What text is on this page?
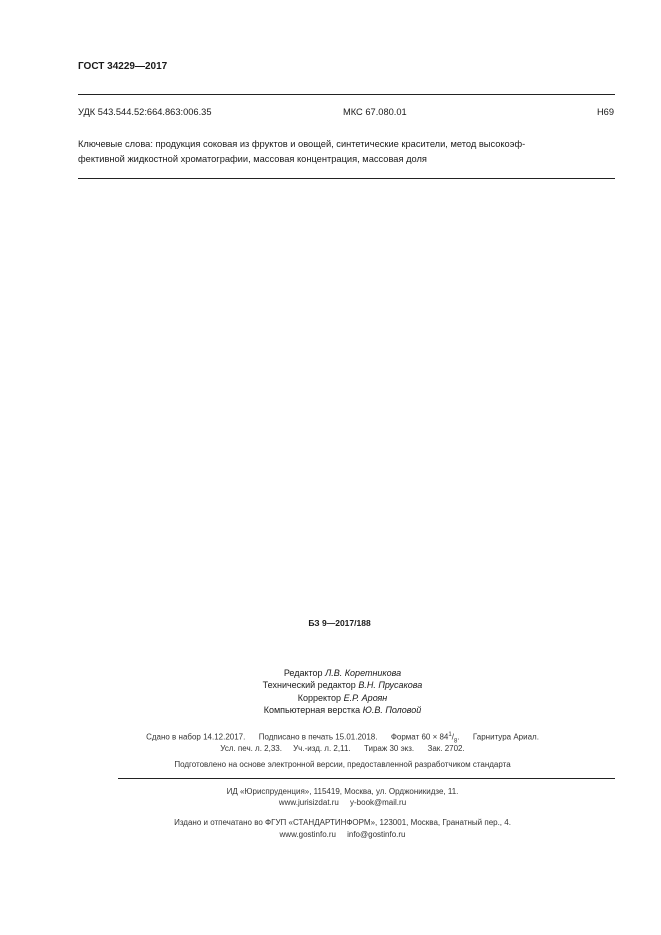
ГОСТ 34229—2017
УДК 543.544.52:664.863:006.35	МКС 67.080.01	Н69
Ключевые слова: продукция соковая из фруктов и овощей, синтетические красители, метод высокоэф-
фективной жидкостной хроматографии, массовая концентрация, массовая доля
БЗ 9—2017/188
Редактор Л.В. Коретникова
Технический редактор В.Н. Прусакова
Корректор Е.Р. Ароян
Компьютерная верстка Ю.В. Половой
Сдано в набор 14.12.2017. Подписано в печать 15.01.2018. Формат $60 \times 84^1/_8$.      Гарнитура Ариал.
Усл. печ. л. 2,33. Уч.-изд. л. 2,11. Тираж 30 экз. Зак. 2702.
Подготовлено на основе электронной версии, предоставленной разработчиком стандарта
ИД «Юриспруденция», 115419, Москва, ул. Орджоникидзе, 11.
www.jurisizdat.ru y-book@mail.ru
Издано и отпечатано во ФГУП «СТАНДАРТИНФОРМ», 123001, Москва, Гранатный пер., 4.
www.gostinfo.ru info@gostinfo.ru
